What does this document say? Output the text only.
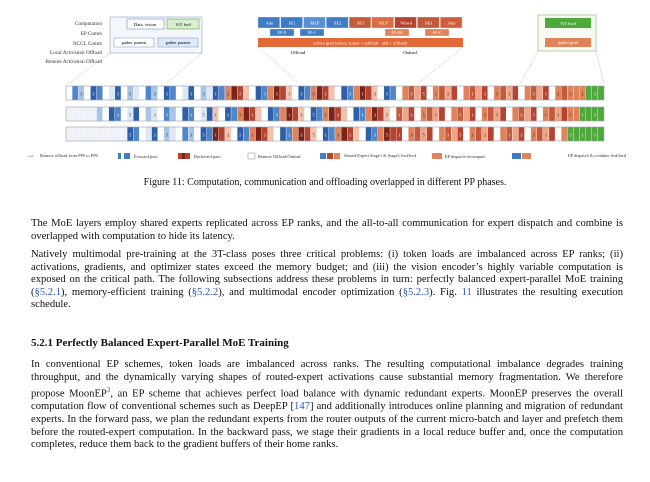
Computation
EP Comm
NCCL Comm
Local Activation Offload
Remote Activation Offload
Data, vision	ViT fwd
gather params	gather params
Attn	SE1	MLP	SE2	SE3	MLP	Wbwd	SE1	Attn
EP-D	EP-C	EP-DE	EP-C
reduce grad (select, scatter + add/sub - add + offload)
Offload	Onload
ViT bwd
gather grad
3 5	3 5	3 5	3 5 1 3 5	3 5 1 3 5 1	5 1 3 5	3 5 1 3	1 3 5 1	5 1 3 5 1 3
3 5	3 5	3 5 1 3 5 1	5 1 3 5 1 3	1 3 5 1 3 5 1	5 1 3 5	3 5 1 3 5 1 3
5	3 5	3 5 1 3 5 1 3	1 3 5 1 3 5	3 5 1 3 5	3 5 1 3	1 3 5 1	5 1 3
⇢ Remote offload from PP0 to PP0	Forward pass	Backward pass	Remote Offload/Onload	Shared Expert Stage1 & Stage2 fwd/bwd	EP dispatch recompute	EP dispatch & combine fwd/bwd
Figure 11: Computation, communication and offloading overlapped in different PP phases.
The MoE layers employ shared experts replicated across EP ranks, and the all-to-all communication for expert dispatch and combine is overlapped with computation to hide its latency.
Natively multimodal pre-training at the 3T-class poses three critical problems: (i) token loads are imbalanced across EP ranks; (ii) activations, gradients, and optimizer states exceed the memory budget; and (iii) the vision encoder’s highly variable computation is exposed on the critical path. The following subsections address these problems in turn: perfectly balanced expert-parallel MoE training (§5.2.1), memory-efficient training (§5.2.2), and multimodal encoder optimization (§5.2.3). Fig. 11 illustrates the resulting execution schedule.
5.2.1 Perfectly Balanced Expert-Parallel MoE Training
In conventional EP schemes, token loads are imbalanced across ranks. The resulting computational imbalance degrades training throughput, and the dynamically varying shapes of routed-expert activations cause substantial memory fragmentation. We therefore propose MoonEP$^3$, an EP scheme that achieves perfect load balance with dynamic redundant experts. MoonEP preserves the overall computation flow of conventional schemes such as DeepEP [147] and additionally introduces online planning and migration of redundant experts. In the forward pass, we plan the redundant experts from the router outputs of the current micro-batch and layer and prefetch them before the routed-expert computation. In the backward pass, we stage their gradients in a local reduce buffer and, once the computation completes, reduce them back to the gradient buffers of their home ranks.
